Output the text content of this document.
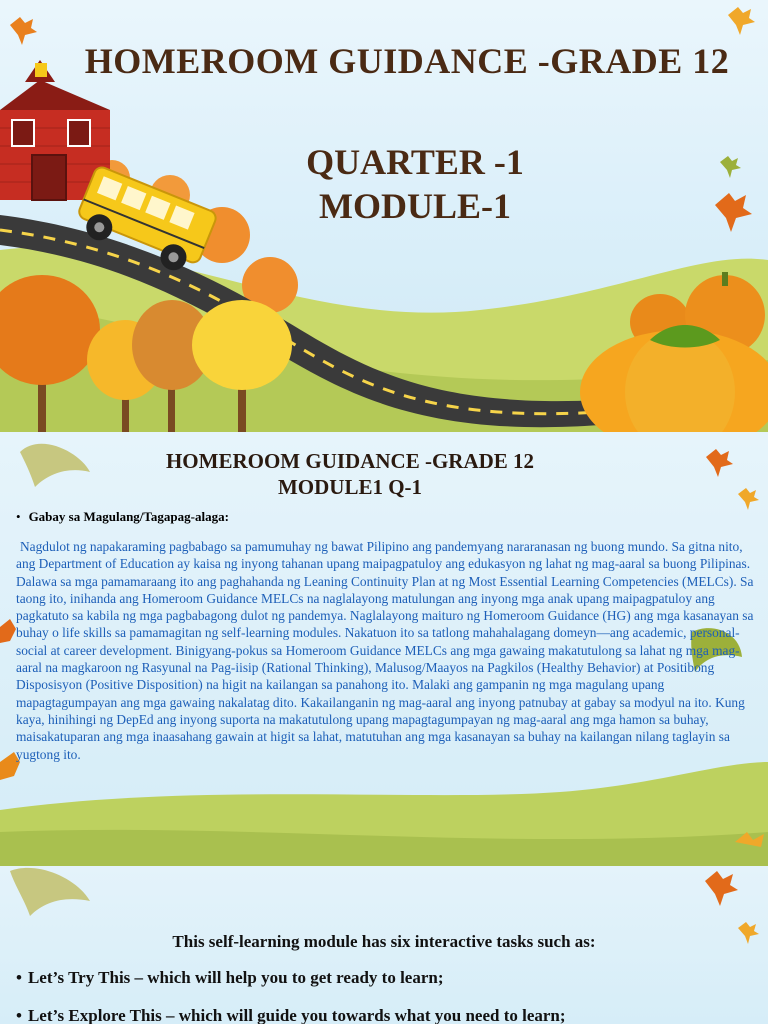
HOMEROOM GUIDANCE -GRADE 12
QUARTER -1
MODULE-1
HOMEROOM GUIDANCE -GRADE 12
MODULE1 Q-1
• Gabay sa Magulang/Tagapag-alaga:
Nagdulot ng napakaraming pagbabago sa pamumuhay ng bawat Pilipino ang pandemyang nararanasan ng buong mundo. Sa gitna nito, ang Department of Education ay kaisa ng inyong tahanan upang maipagpatuloy ang edukasyon ng lahat ng mag-aaral sa buong Pilipinas. Dalawa sa mga pamamaraang ito ang paghahanda ng Leaning Continuity Plan at ng Most Essential Learning Competencies (MELCs). Sa taong ito, inihanda ang Homeroom Guidance MELCs na naglalayong matulungan ang inyong mga anak upang maipagpatuloy ang pagkatuto sa kabila ng mga pagbabagong dulot ng pandemya. Naglalayong maituro ng Homeroom Guidance (HG) ang mga kasanayan sa buhay o life skills sa pamamagitan ng self-learning modules. Nakatuon ito sa tatlong mahahalagang domeyn—ang academic, personal-social at career development. Binigyang-pokus sa Homeroom Guidance MELCs ang mga gawaing makatutulong sa lahat ng mga mag-aaral na magkaroon ng Rasyunal na Pag-iisip (Rational Thinking), Malusog/Maayos na Pagkilos (Healthy Behavior) at Positibong Disposisyon (Positive Disposition) na higit na kailangan sa panahong ito. Malaki ang gampanin ng mga magulang upang mapagtagumpayan ang mga gawaing nakalatag dito. Kakailanganin ng mag-aaral ang inyong patnubay at gabay sa modyul na ito. Kung kaya, hinihingi ng DepEd ang inyong suporta na makatutulong upang mapagtagumpayan ng mag-aaral ang mga hamon sa buhay, maisakatuparan ang mga inaasahang gawain at higit sa lahat, matutuhan ang mga kasanayan sa buhay na kailangan nilang taglayin sa yugtong ito.
This self-learning module has six interactive tasks such as:
• Let’s Try This – which will help you to get ready to learn;
• Let’s Explore This – which will guide you towards what you need to learn;
